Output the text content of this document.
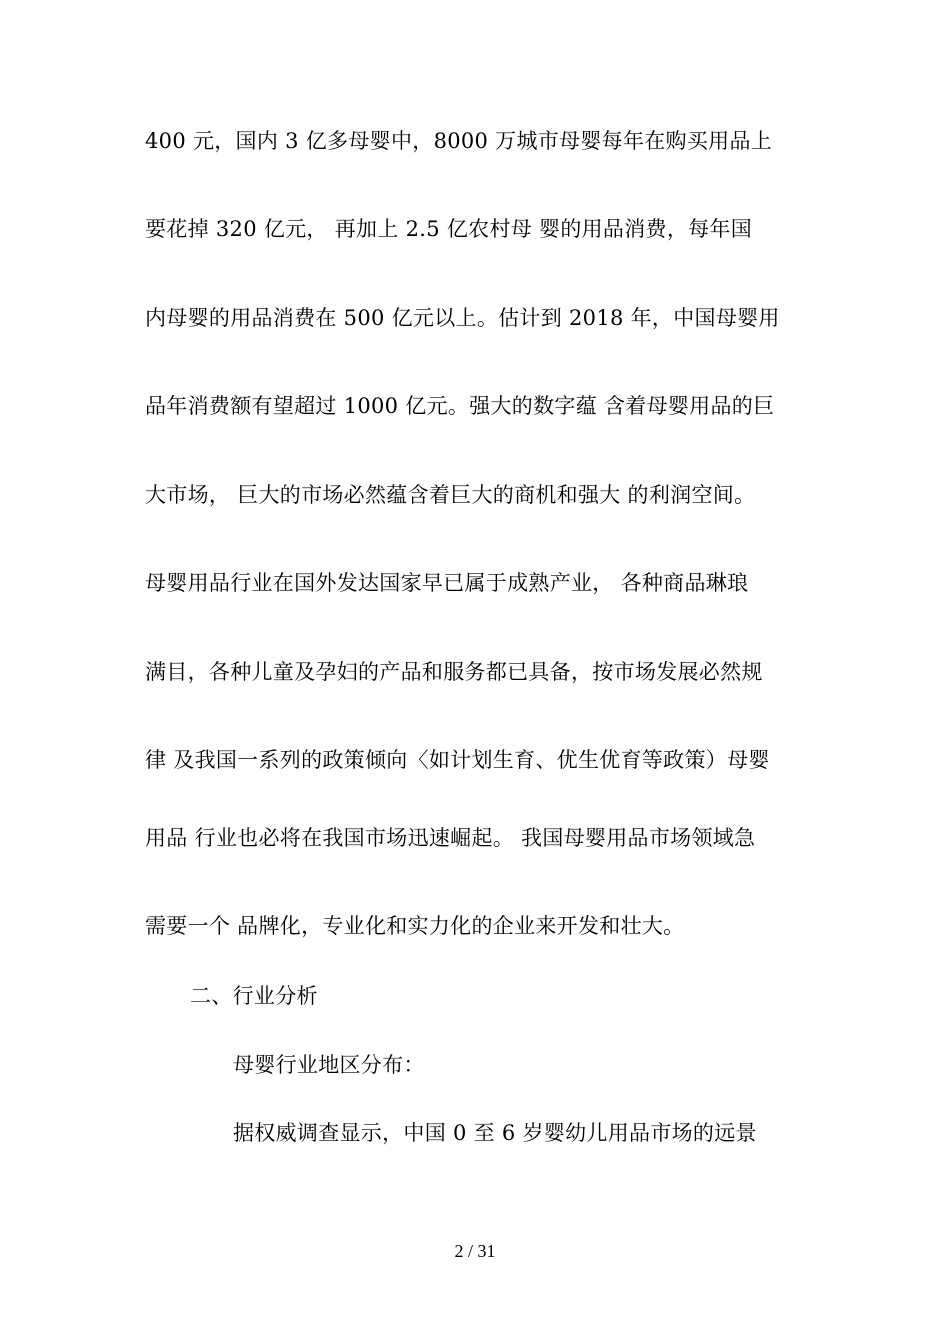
400 元，国内 3 亿多母婴中，8000 万城市母婴每年在购买用品上
要花掉 320 亿元， 再加上 2.5 亿农村母 婴的用品消费，每年国
内母婴的用品消费在 500 亿元以上。估计到 2018 年，中国母婴用
品年消费额有望超过 1000 亿元。强大的数字蕴 含着母婴用品的巨
大市场， 巨大的市场必然蕴含着巨大的商机和强大 的利润空间。
母婴用品行业在国外发达国家早已属于成熟产业， 各种商品琳琅
满目，各种儿童及孕妇的产品和服务都已具备，按市场发展必然规
律 及我国一系列的政策倾向〈如计划生育、优生优育等政策）母婴
用品 行业也必将在我国市场迅速崛起。 我国母婴用品市场领域急
需要一个 品牌化，专业化和实力化的企业来开发和壮大。
二、行业分析
母婴行业地区分布：
据权威调查显示，中国 0 至 6 岁婴幼儿用品市场的远景
2 / 31
